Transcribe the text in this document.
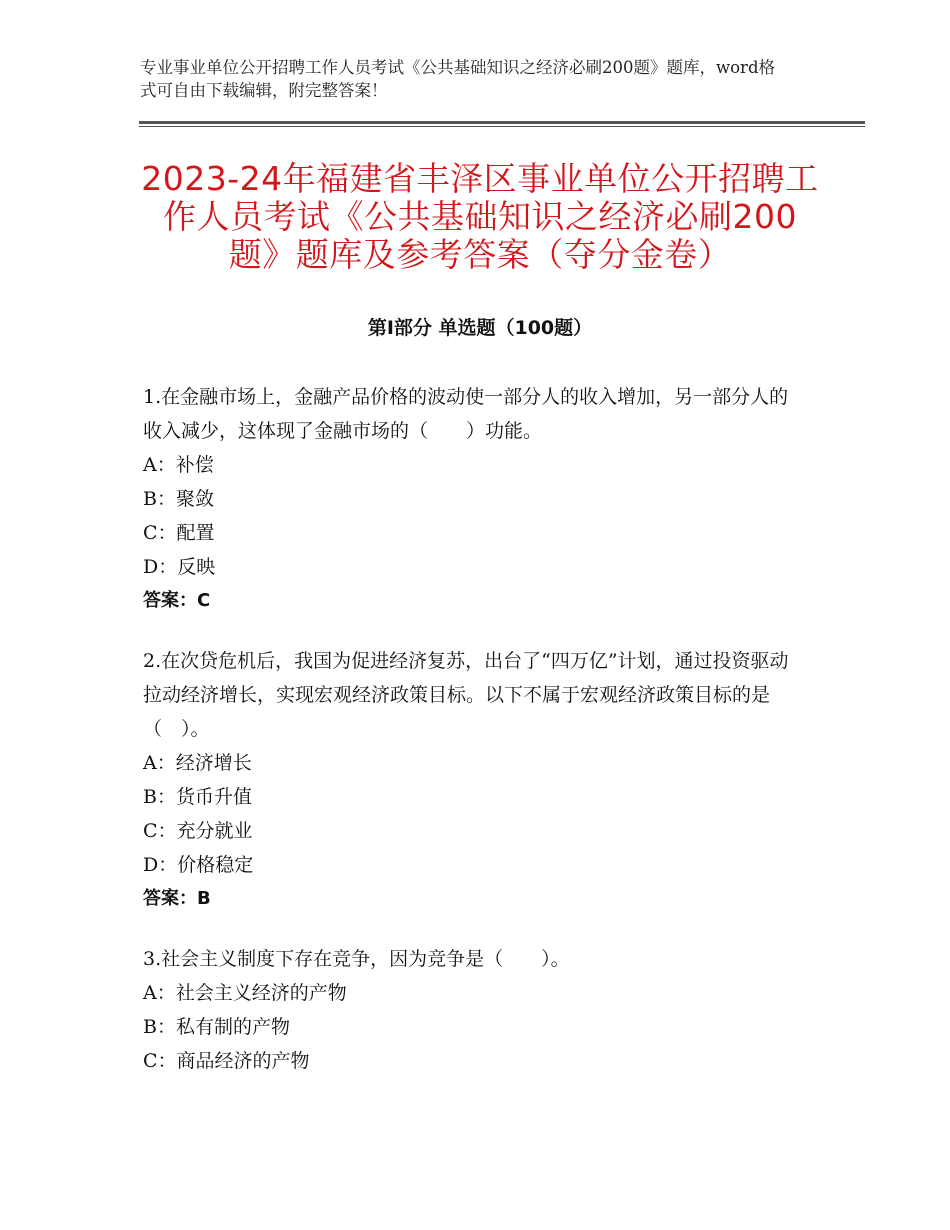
专业事业单位公开招聘工作人员考试《公共基础知识之经济必刷200题》题库，word格式可自由下载编辑，附完整答案！
2023-24年福建省丰泽区事业单位公开招聘工作人员考试《公共基础知识之经济必刷200题》题库及参考答案（夺分金卷）
第Ⅰ部分 单选题（100题）

1.在金融市场上，金融产品价格的波动使一部分人的收入增加，另一部分人的收入减少，这体现了金融市场的（　　）功能。

A：补偿

B：聚敛

C：配置

D：反映

答案：C

2.在次贷危机后，我国为促进经济复苏，出台了“四万亿”计划，通过投资驱动拉动经济增长，实现宏观经济政策目标。以下不属于宏观经济政策目标的是（　）。

A：经济增长

B：货币升值

C：充分就业

D：价格稳定

答案：B

3.社会主义制度下存在竞争，因为竞争是（　　）。

A：社会主义经济的产物

B：私有制的产物

C：商品经济的产物
